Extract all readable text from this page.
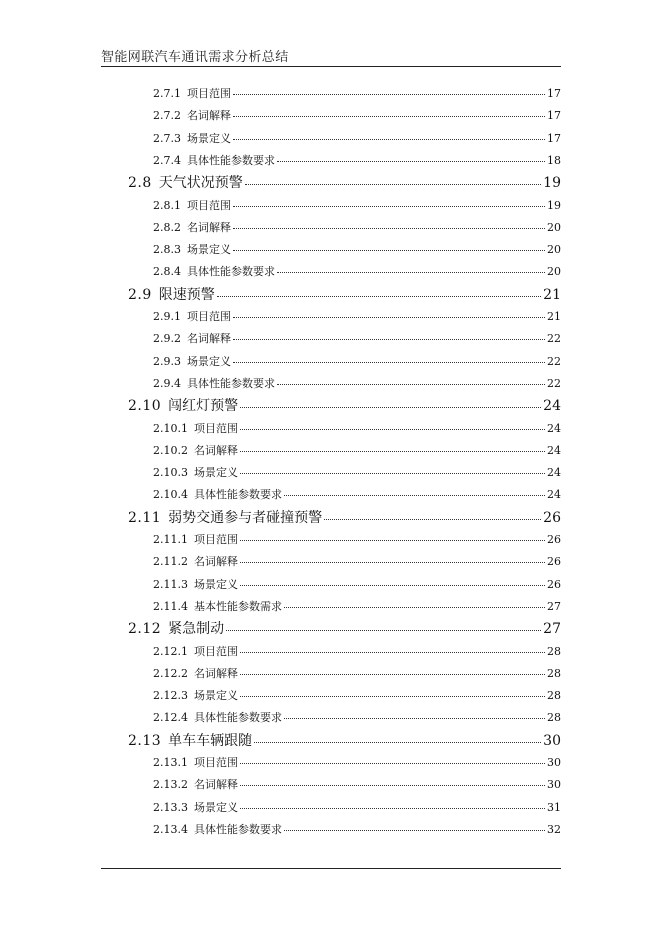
智能网联汽车通讯需求分析总结
2.7.1 项目范围	17
2.7.2 名词解释	17
2.7.3 场景定义	17
2.7.4 具体性能参数要求	18
2.8 天气状况预警	19
2.8.1 项目范围	19
2.8.2 名词解释	20
2.8.3 场景定义	20
2.8.4 具体性能参数要求	20
2.9 限速预警	21
2.9.1 项目范围	21
2.9.2 名词解释	22
2.9.3 场景定义	22
2.9.4 具体性能参数要求	22
2.10 闯红灯预警	24
2.10.1 项目范围	24
2.10.2 名词解释	24
2.10.3 场景定义	24
2.10.4 具体性能参数要求	24
2.11 弱势交通参与者碰撞预警	26
2.11.1 项目范围	26
2.11.2 名词解释	26
2.11.3 场景定义	26
2.11.4 基本性能参数需求	27
2.12 紧急制动	27
2.12.1 项目范围	28
2.12.2 名词解释	28
2.12.3 场景定义	28
2.12.4 具体性能参数要求	28
2.13 单车车辆跟随	30
2.13.1 项目范围	30
2.13.2 名词解释	30
2.13.3 场景定义	31
2.13.4 具体性能参数要求	32
